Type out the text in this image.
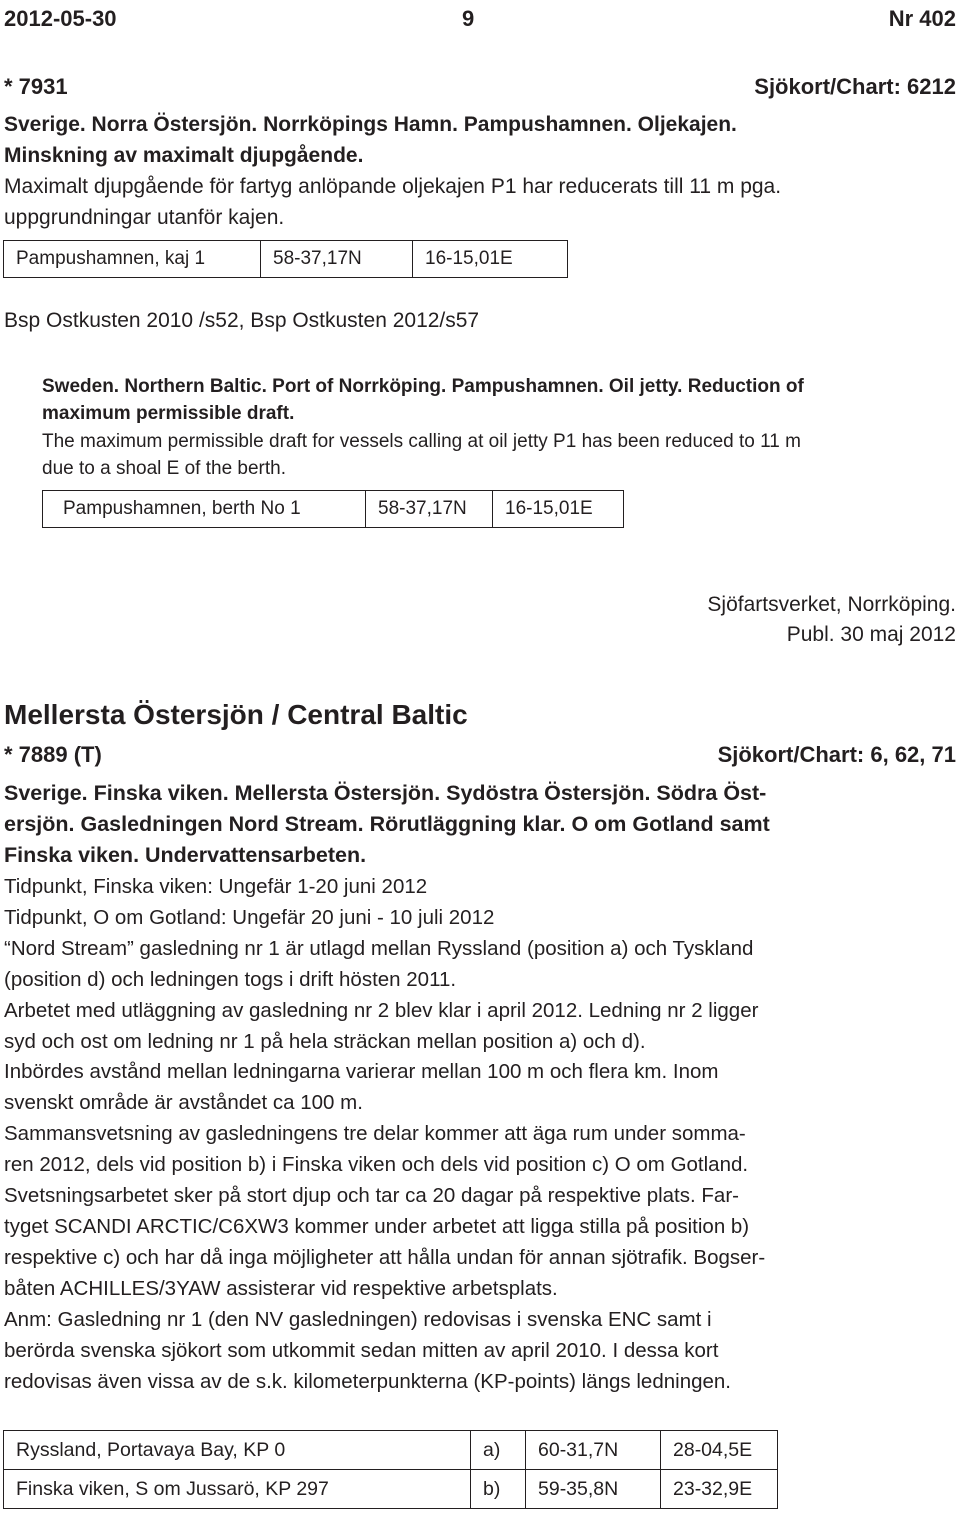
2012-05-30	9	Nr 402
* 7931	Sjökort/Chart: 6212
Sverige. Norra Östersjön. Norrköpings Hamn. Pampushamnen. Oljekajen.
Minskning av maximalt djupgående.
Maximalt djupgående för fartyg anlöpande oljekajen P1 har reducerats till 11 m pga.
uppgrundningar utanför kajen.
Pampushamnen, kaj 1	58-37,17N	16-15,01E
Bsp Ostkusten 2010 /s52, Bsp Ostkusten 2012/s57
Sweden. Northern Baltic. Port of Norrköping. Pampushamnen. Oil jetty. Reduction of
maximum permissible draft.
The maximum permissible draft for vessels calling at oil jetty P1 has been reduced to 11 m
due to a shoal E of the berth.
Pampushamnen, berth No 1	58-37,17N	16-15,01E
Sjöfartsverket, Norrköping.
Publ. 30 maj 2012
Mellersta Östersjön / Central Baltic
* 7889 (T)	Sjökort/Chart: 6, 62, 71
Sverige. Finska viken. Mellersta Östersjön. Sydöstra Östersjön. Södra Öst-
ersjön. Gasledningen Nord Stream. Rörutläggning klar. O om Gotland samt
Finska viken. Undervattensarbeten.
Tidpunkt, Finska viken: Ungefär 1-20 juni 2012
Tidpunkt, O om Gotland: Ungefär 20 juni - 10 juli 2012
“Nord Stream” gasledning nr 1 är utlagd mellan Ryssland (position a) och Tyskland
(position d) och ledningen togs i drift hösten 2011.
Arbetet med utläggning av gasledning nr 2 blev klar i april 2012. Ledning nr 2 ligger
syd och ost om ledning nr 1 på hela sträckan mellan position a) och d).
Inbördes avstånd mellan ledningarna varierar mellan 100 m och flera km. Inom
svenskt område är avståndet ca 100 m.
Sammansvetsning av gasledningens tre delar kommer att äga rum under somma-
ren 2012, dels vid position b) i Finska viken och dels vid position c) O om Gotland.
Svetsningsarbetet sker på stort djup och tar ca 20 dagar på respektive plats. Far-
tyget SCANDI ARCTIC/C6XW3 kommer under arbetet att ligga stilla på position b)
respektive c) och har då inga möjligheter att hålla undan för annan sjötrafik. Bogser-
båten ACHILLES/3YAW assisterar vid respektive arbetsplats.
Anm: Gasledning nr 1 (den NV gasledningen) redovisas i svenska ENC samt i
berörda svenska sjökort som utkommit sedan mitten av april 2010. I dessa kort
redovisas även vissa av de s.k. kilometerpunkterna (KP-points) längs ledningen.
Ryssland, Portavaya Bay, KP 0	a)	60-31,7N	28-04,5E
Finska viken, S om Jussarö, KP 297	b)	59-35,8N	23-32,9E
